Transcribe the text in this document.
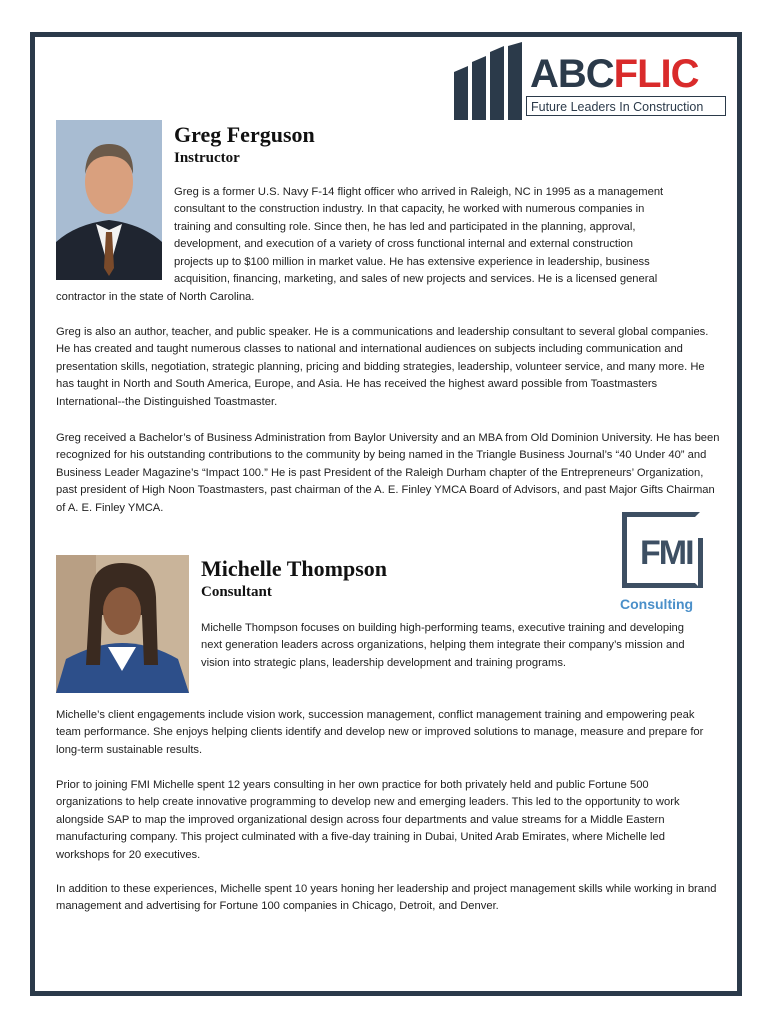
ABCFLIC
Future Leaders In Construction

Greg Ferguson

Instructor

Greg is a former U.S. Navy F-14 flight officer who arrived in Raleigh, NC in 1995 as a management

consultant to the construction industry. In that capacity, he worked with numerous companies in

training and consulting role. Since then, he has led and participated in the planning, approval,

development, and execution of a variety of cross functional internal and external construction

projects up to $100 million in market value. He has extensive experience in leadership, business

acquisition, financing, marketing, and sales of new projects and services. He is a licensed general

contractor in the state of North Carolina.

Greg is also an author, teacher, and public speaker. He is a communications and leadership consultant to several global companies. He has created and taught numerous classes to national and international audiences on subjects including communication and presentation skills, negotiation, strategic planning, pricing and bidding strategies, leadership, volunteer service, and many more. He has taught in North and South America, Europe, and Asia. He has received the highest award possible from Toastmasters International--the Distinguished Toastmaster.

Greg received a Bachelor’s of Business Administration from Baylor University and an MBA from Old Dominion University. He has been recognized for his outstanding contributions to the community by being named in the Triangle Business Journal’s “40 Under 40” and Business Leader Magazine’s “Impact 100.” He is past President of the Raleigh Durham chapter of the Entrepreneurs’ Organization, past president of High Noon Toastmasters, past chairman of the A. E. Finley YMCA Board of Advisors, and past Major Gifts Chairman of A. E. Finley YMCA.

Michelle Thompson

Consultant

FMI
Consulting

Michelle Thompson focuses on building high-performing teams, executive training and developing next generation leaders across organizations, helping them integrate their company’s mission and vision into strategic plans, leadership development and training programs.

Michelle’s client engagements include vision work, succession management, conflict management training and empowering peak team performance. She enjoys helping clients identify and develop new or improved solutions to manage, measure and prepare for long-term sustainable results.

Prior to joining FMI Michelle spent 12 years consulting in her own practice for both privately held and public Fortune 500 organizations to help create innovative programming to develop new and emerging leaders. This led to the opportunity to work alongside SAP to map the improved organizational design across four departments and value streams for a Middle Eastern manufacturing company. This project culminated with a five-day training in Dubai, United Arab Emirates, where Michelle led workshops for 20 executives.

In addition to these experiences, Michelle spent 10 years honing her leadership and project management skills while working in brand management and advertising for Fortune 100 companies in Chicago, Detroit, and Denver.
